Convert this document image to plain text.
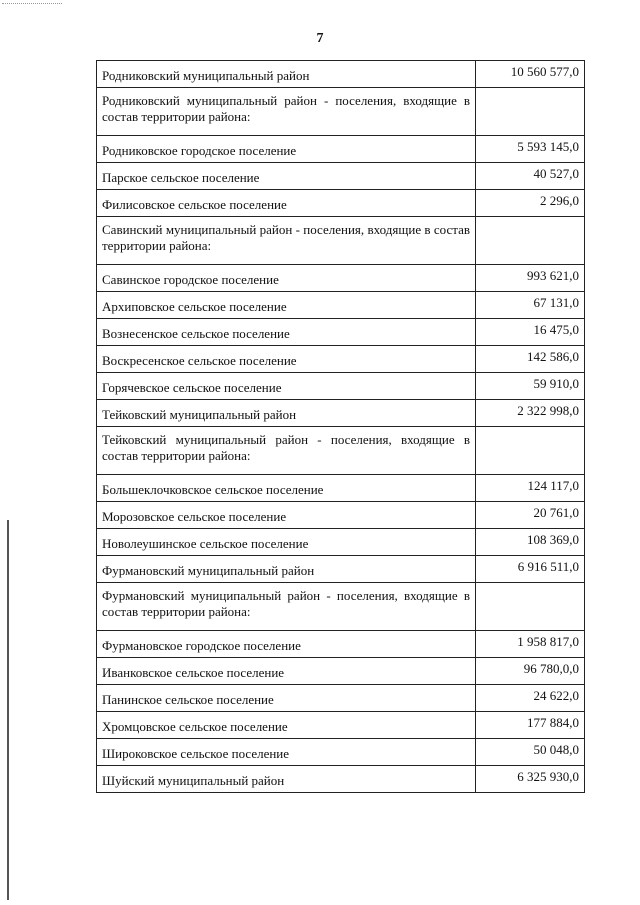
7
Родниковский муниципальный район	10 560 577,0
Родниковский муниципальный район - поселения, входящие в состав территории района:	
Родниковское городское поселение	5 593 145,0
Парское сельское поселение	40 527,0
Филисовское сельское поселение	2 296,0
Савинский муниципальный район - поселения, входящие в состав территории района:	
Савинское городское поселение	993 621,0
Архиповское сельское поселение	67 131,0
Вознесенское сельское поселение	16 475,0
Воскресенское сельское поселение	142 586,0
Горячевское сельское поселение	59 910,0
Тейковский муниципальный район	2 322 998,0
Тейковский муниципальный район - поселения, входящие в состав территории района:	
Большеклочковское сельское поселение	124 117,0
Морозовское сельское поселение	20 761,0
Новолеушинское сельское поселение	108 369,0
Фурмановский муниципальный район	6 916 511,0
Фурмановский муниципальный район - поселения, входящие в состав территории района:	
Фурмановское городское поселение	1 958 817,0
Иванковское сельское поселение	96 780,0,0
Панинское сельское поселение	24 622,0
Хромцовское сельское поселение	177 884,0
Широковское сельское поселение	50 048,0
Шуйский муниципальный район	6 325 930,0
